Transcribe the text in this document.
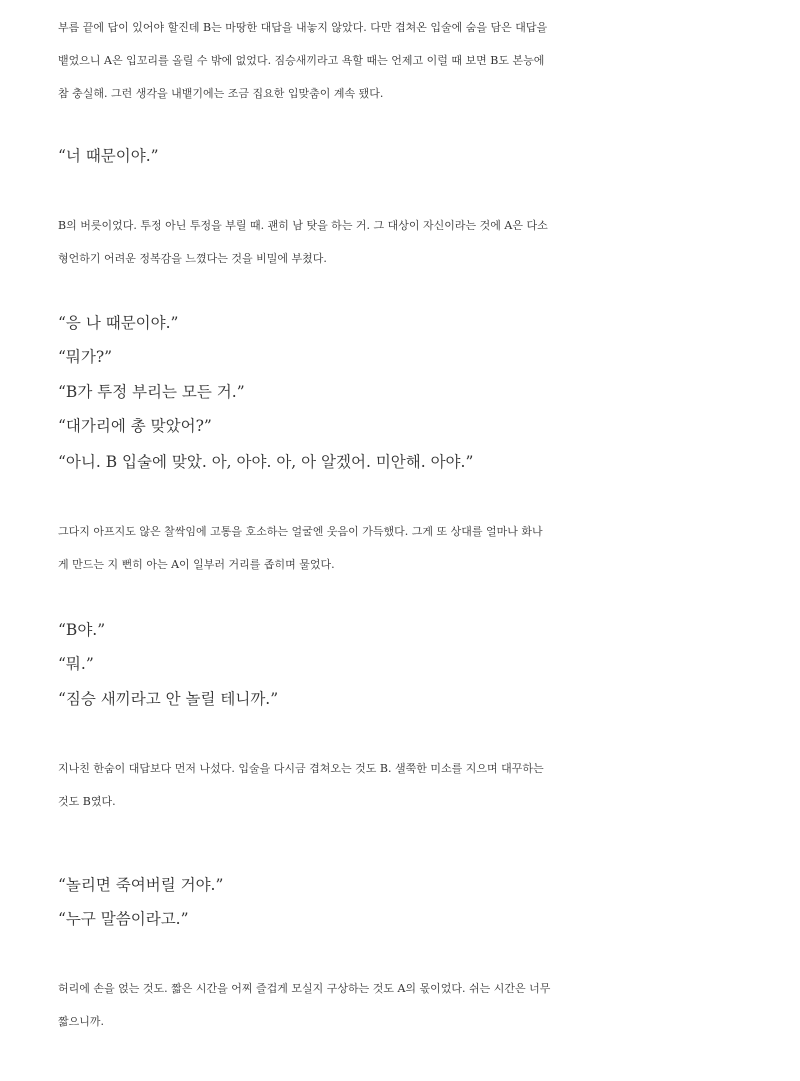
부름 끝에 답이 있어야 할진데 B는 마땅한 대답을 내놓지 않았다. 다만 겹쳐온 입술에 숨을 담은 대답을
뱉었으니 A은 입꼬리를 올릴 수 밖에 없었다. 짐승새끼라고 욕할 때는 언제고 이럴 때 보면 B도 본능에
참 충실해. 그런 생각을 내뱉기에는 조금 집요한 입맞춤이 계속 됐다.
“너 때문이야.”
B의 버릇이었다. 투정 아닌 투정을 부릴 때. 괜히 남 탓을 하는 거. 그 대상이 자신이라는 것에 A은 다소
형언하기 어려운 정복감을 느꼈다는 것을 비밀에 부쳤다.
“응 나 때문이야.”
“뭐가?”
“B가 투정 부리는 모든 거.”
“대가리에 총 맞았어?”
“아니. B 입술에 맞았. 아, 아야. 아, 아 알겠어. 미안해. 아야.”
그다지 아프지도 않은 찰싹임에 고통을 호소하는 얼굴엔 웃음이 가득했다. 그게 또 상대를 얼마나 화나
게 만드는 지 뻔히 아는 A이 일부러 거리를 좁히며 물었다.
“B야.”
“뭐.”
“짐승 새끼라고 안 놀릴 테니까.”
지나친 한숨이 대답보다 먼저 나섰다. 입술을 다시금 겹쳐오는 것도 B. 샐쭉한 미소를 지으며 대꾸하는
것도 B였다.
“놀리면 죽여버릴 거야.”
“누구 말씀이라고.”
허리에 손을 얹는 것도. 짧은 시간을 어찌 즐겁게 모실지 구상하는 것도 A의 몫이었다. 쉬는 시간은 너무
짧으니까.
